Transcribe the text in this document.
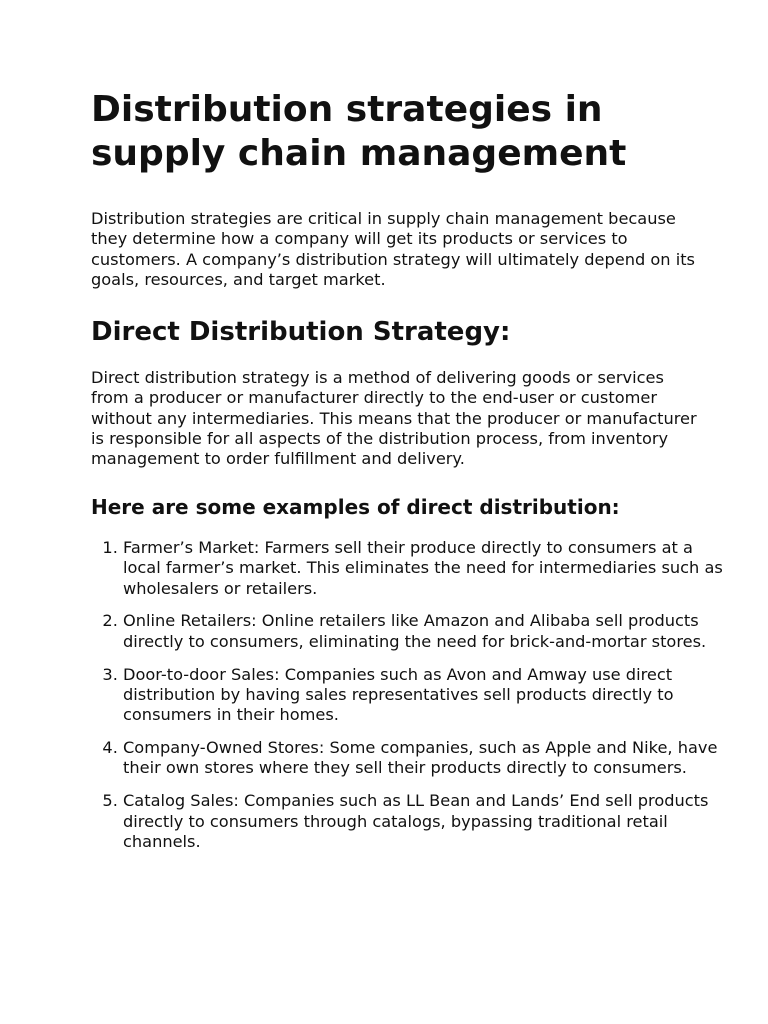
Distribution strategies in supply chain management

Distribution strategies are critical in supply chain management because they determine how a company will get its products or services to customers. A company’s distribution strategy will ultimately depend on its goals, resources, and target market.

Direct Distribution Strategy:

Direct distribution strategy is a method of delivering goods or services from a producer or manufacturer directly to the end-user or customer without any intermediaries. This means that the producer or manufacturer is responsible for all aspects of the distribution process, from inventory management to order fulfillment and delivery.

Here are some examples of direct distribution:
1. Farmer’s Market: Farmers sell their produce directly to consumers at a local farmer’s market. This eliminates the need for intermediaries such as wholesalers or retailers.
2. Online Retailers: Online retailers like Amazon and Alibaba sell products directly to consumers, eliminating the need for brick-and-mortar stores.
3. Door-to-door Sales: Companies such as Avon and Amway use direct distribution by having sales representatives sell products directly to consumers in their homes.
4. Company-Owned Stores: Some companies, such as Apple and Nike, have their own stores where they sell their products directly to consumers.
5. Catalog Sales: Companies such as LL Bean and Lands’ End sell products directly to consumers through catalogs, bypassing traditional retail channels.
